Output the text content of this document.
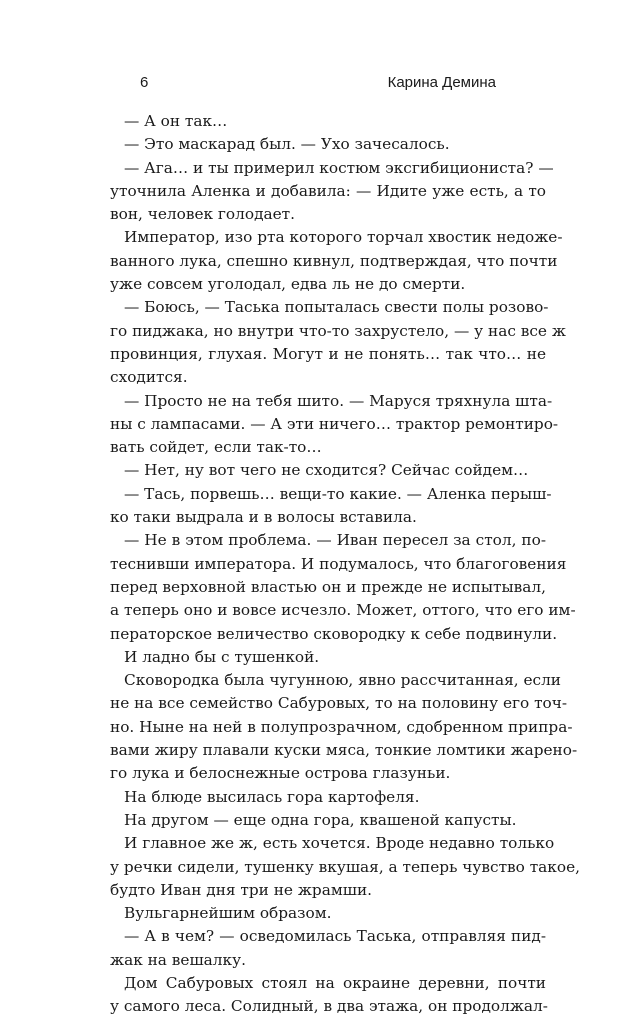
6	Карина Демина
— А он так…
— Это маскарад был. — Ухо зачесалось.
— Ага… и ты примерил костюм эксгибициониста? —
уточнила Аленка и добавила: — Идите уже есть, а то
вон, человек голодает.
Император, изо рта которого торчал хвостик недоже-
ванного лука, спешно кивнул, подтверждая, что почти
уже совсем уголодал, едва ль не до смерти.
— Боюсь, — Таська попыталась свести полы розово-
го пиджака, но внутри что-то захрустело, — у нас все ж
провинция, глухая. Могут и не понять… так что… не
сходится.
— Просто не на тебя шито. — Маруся тряхнула шта-
ны с лампасами. — А эти ничего… трактор ремонтиро-
вать сойдет, если так-то…
— Нет, ну вот чего не сходится? Сейчас сойдем…
— Тась, порвешь… вещи-то какие. — Аленка перыш-
ко таки выдрала и в волосы вставила.
— Не в этом проблема. — Иван пересел за стол, по-
теснивши императора. И подумалось, что благоговения
перед верховной властью он и прежде не испытывал,
а теперь оно и вовсе исчезло. Может, оттого, что его им-
ператорское величество сковородку к себе подвинули.
И ладно бы с тушенкой.
Сковородка была чугунною, явно рассчитанная, если
не на все семейство Сабуровых, то на половину его точ-
но. Ныне на ней в полупрозрачном, сдобренном припра-
вами жиру плавали куски мяса, тонкие ломтики жарено-
го лука и белоснежные острова глазуньи.
На блюде высилась гора картофеля.
На другом — еще одна гора, квашеной капусты.
И главное же ж, есть хочется. Вроде недавно только
у речки сидели, тушенку вкушая, а теперь чувство такое,
будто Иван дня три не жрамши.
Вульгарнейшим образом.
— А в чем? — осведомилась Таська, отправляя пид-
жак на вешалку.
Дом Сабуровых стоял на окраине деревни, почти
у самого леса. Солидный, в два этажа, он продолжал-
